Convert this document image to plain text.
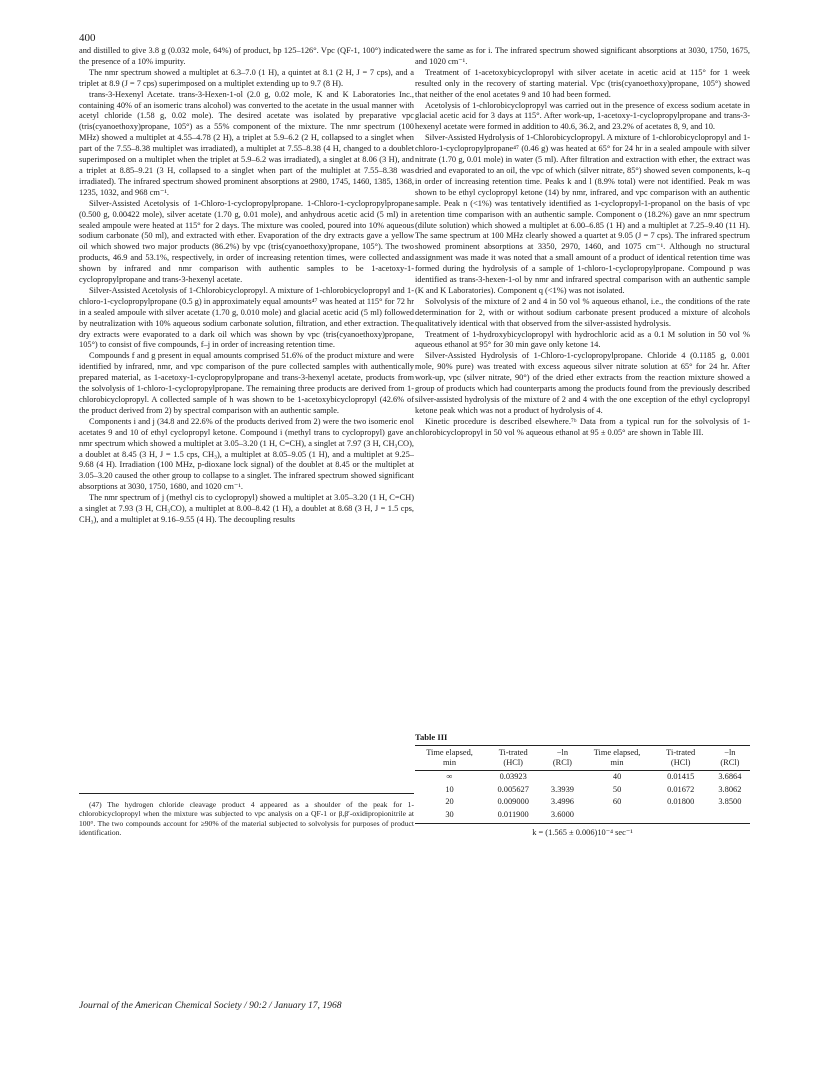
400

and distilled to give 3.8 g (0.032 mole, 64%) of product, bp 125–126°. Vpc (QF-1, 100°) indicated the presence of a 10% impurity.

The nmr spectrum showed a multiplet at 6.3–7.0 (1 H), a quintet at 8.1 (2 H, J = 7 cps), and a triplet at 8.9 (J = 7 cps) superimposed on a multiplet extending up to 9.7 (8 H).

trans-3-Hexenyl Acetate. trans-3-Hexen-1-ol (2.0 g, 0.02 mole, K and K Laboratories Inc., containing 40% of an isomeric trans alcohol) was converted to the acetate in the usual manner with acetyl chloride (1.58 g, 0.02 mole). The desired acetate was isolated by preparative vpc (tris(cyanoethoxy)propane, 105°) as a 55% component of the mixture. The nmr spectrum (100 MHz) showed a multiplet at 4.55–4.78 (2 H), a triplet at 5.9–6.2 (2 H, collapsed to a singlet when part of the 7.55–8.38 multiplet was irradiated), a multiplet at 7.55–8.38 (4 H, changed to a doublet superimposed on a multiplet when the triplet at 5.9–6.2 was irradiated), a singlet at 8.06 (3 H), and a triplet at 8.85–9.21 (3 H, collapsed to a singlet when part of the multiplet at 7.55–8.38 was irradiated). The infrared spectrum showed prominent absorptions at 2980, 1745, 1460, 1385, 1368, 1235, 1032, and 968 cm⁻¹.

Silver-Assisted Acetolysis of 1-Chloro-1-cyclopropylpropane. 1-Chloro-1-cyclopropylpropane (0.500 g, 0.00422 mole), silver acetate (1.70 g, 0.01 mole), and anhydrous acetic acid (5 ml) in a sealed ampoule were heated at 115° for 2 days. The mixture was cooled, poured into 10% aqueous sodium carbonate (50 ml), and extracted with ether. Evaporation of the dry extracts gave a yellow oil which showed two major products (86.2%) by vpc (tris(cyanoethoxy)propane, 105°). The two products, 46.9 and 53.1%, respectively, in order of increasing retention times, were collected and shown by infrared and nmr comparison with authentic samples to be 1-acetoxy-1-cyclopropylpropane and trans-3-hexenyl acetate.

Silver-Assisted Acetolysis of 1-Chlorobicyclopropyl. A mixture of 1-chlorobicyclopropyl and 1-chloro-1-cyclopropylpropane (0.5 g) in approximately equal amounts⁴⁷ was heated at 115° for 72 hr in a sealed ampoule with silver acetate (1.70 g, 0.010 mole) and glacial acetic acid (5 ml) followed by neutralization with 10% aqueous sodium carbonate solution, filtration, and ether extraction. The dry extracts were evaporated to a dark oil which was shown by vpc (tris(cyanoethoxy)propane, 105°) to consist of five compounds, f–j in order of increasing retention time.

Compounds f and g present in equal amounts comprised 51.6% of the product mixture and were identified by infrared, nmr, and vpc comparison of the pure collected samples with authentically prepared material, as 1-acetoxy-1-cyclopropylpropane and trans-3-hexenyl acetate, products from the solvolysis of 1-chloro-1-cyclopropylpropane. The remaining three products are derived from 1-chlorobicyclopropyl. A collected sample of h was shown to be 1-acetoxybicyclopropyl (42.6% of the product derived from 2) by spectral comparison with an authentic sample.

Components i and j (34.8 and 22.6% of the products derived from 2) were the two isomeric enol acetates 9 and 10 of ethyl cyclopropyl ketone. Compound i (methyl trans to cyclopropyl) gave an nmr spectrum which showed a multiplet at 3.05–3.20 (1 H, C=CH), a singlet at 7.97 (3 H, CH₃CO), a doublet at 8.45 (3 H, J = 1.5 cps, CH₃), a multiplet at 8.05–9.05 (1 H), and a multiplet at 9.25–9.68 (4 H). Irradiation (100 MHz, p-dioxane lock signal) of the doublet at 8.45 or the multiplet at 3.05–3.20 caused the other group to collapse to a singlet. The infrared spectrum showed significant absorptions at 3030, 1750, 1680, and 1020 cm⁻¹.

The nmr spectrum of j (methyl cis to cyclopropyl) showed a multiplet at 3.05–3.20 (1 H, C=CH) a singlet at 7.93 (3 H, CH₃CO), a multiplet at 8.00–8.42 (1 H), a doublet at 8.68 (3 H, J = 1.5 cps, CH₃), and a multiplet at 9.16–9.55 (4 H). The decoupling results

(47) The hydrogen chloride cleavage product 4 appeared as a shoulder of the peak for 1-chlorobicyclopropyl when the mixture was subjected to vpc analysis on a QF-1 or β,β′-oxidipropionitrile at 100°. The two compounds account for ≥90% of the material subjected to solvolysis for purposes of product identification.

were the same as for i. The infrared spectrum showed significant absorptions at 3030, 1750, 1675, and 1020 cm⁻¹.

Treatment of 1-acetoxybicyclopropyl with silver acetate in acetic acid at 115° for 1 week resulted only in the recovery of starting material. Vpc (tris(cyanoethoxy)propane, 105°) showed that neither of the enol acetates 9 and 10 had been formed.

Acetolysis of 1-chlorobicyclopropyl was carried out in the presence of excess sodium acetate in glacial acetic acid for 3 days at 115°. After work-up, 1-acetoxy-1-cyclopropylpropane and trans-3-hexenyl acetate were formed in addition to 40.6, 36.2, and 23.2% of acetates 8, 9, and 10.

Silver-Assisted Hydrolysis of 1-Chlorobicyclopropyl. A mixture of 1-chlorobicyclopropyl and 1-chloro-1-cyclopropylpropane⁴⁷ (0.46 g) was heated at 65° for 24 hr in a sealed ampoule with silver nitrate (1.70 g, 0.01 mole) in water (5 ml). After filtration and extraction with ether, the extract was dried and evaporated to an oil, the vpc of which (silver nitrate, 85°) showed seven components, k–q in order of increasing retention time. Peaks k and l (8.9% total) were not identified. Peak m was shown to be ethyl cyclopropyl ketone (14) by nmr, infrared, and vpc comparison with an authentic sample. Peak n (<1%) was tentatively identified as 1-cyclopropyl-1-propanol on the basis of vpc retention time comparison with an authentic sample. Component o (18.2%) gave an nmr spectrum (dilute solution) which showed a multiplet at 6.00–6.85 (1 H) and a multiplet at 7.25–9.40 (11 H). The same spectrum at 100 MHz clearly showed a quartet at 9.05 (J = 7 cps). The infrared spectrum showed prominent absorptions at 3350, 2970, 1460, and 1075 cm⁻¹. Although no structural assignment was made it was noted that a small amount of a product of identical retention time was formed during the hydrolysis of a sample of 1-chloro-1-cyclopropylpropane. Compound p was identified as trans-3-hexen-1-ol by nmr and infrared spectral comparison with an authentic sample (K and K Laboratories). Component q (<1%) was not isolated.

Solvolysis of the mixture of 2 and 4 in 50 vol % aqueous ethanol, i.e., the conditions of the rate determination for 2, with or without sodium carbonate present produced a mixture of alcohols qualitatively identical with that observed from the silver-assisted hydrolysis.

Treatment of 1-hydroxybicyclopropyl with hydrochloric acid as a 0.1 M solution in 50 vol % aqueous ethanol at 95° for 30 min gave only ketone 14.

Silver-Assisted Hydrolysis of 1-Chloro-1-cyclopropylpropane. Chloride 4 (0.1185 g, 0.001 mole, 90% pure) was treated with excess aqueous silver nitrate solution at 65° for 24 hr. After work-up, vpc (silver nitrate, 90°) of the dried ether extracts from the reaction mixture showed a group of products which had counterparts among the products found from the previously described silver-assisted hydrolysis of the mixture of 2 and 4 with the one exception of the ethyl cyclopropyl ketone peak which was not a product of hydrolysis of 4.

Kinetic procedure is described elsewhere.⁷ᵇ Data from a typical run for the solvolysis of 1-chlorobicyclopropyl in 50 vol % aqueous ethanol at 95 ± 0.05° are shown in Table III.

Table III
Time elapsed, min	Ti-trated (HCl)	−ln (RCl)	Time elapsed, min	Ti-trated (HCl)	−ln (RCl)
∞	0.03923		40	0.01415	3.6864
10	0.005627	3.3939	50	0.01672	3.8062
20	0.009000	3.4996	60	0.01800	3.8500
30	0.011900	3.6000			
k = (1.565 ± 0.006)10⁻⁴ sec⁻¹
Journal of the American Chemical Society / 90:2 / January 17, 1968
